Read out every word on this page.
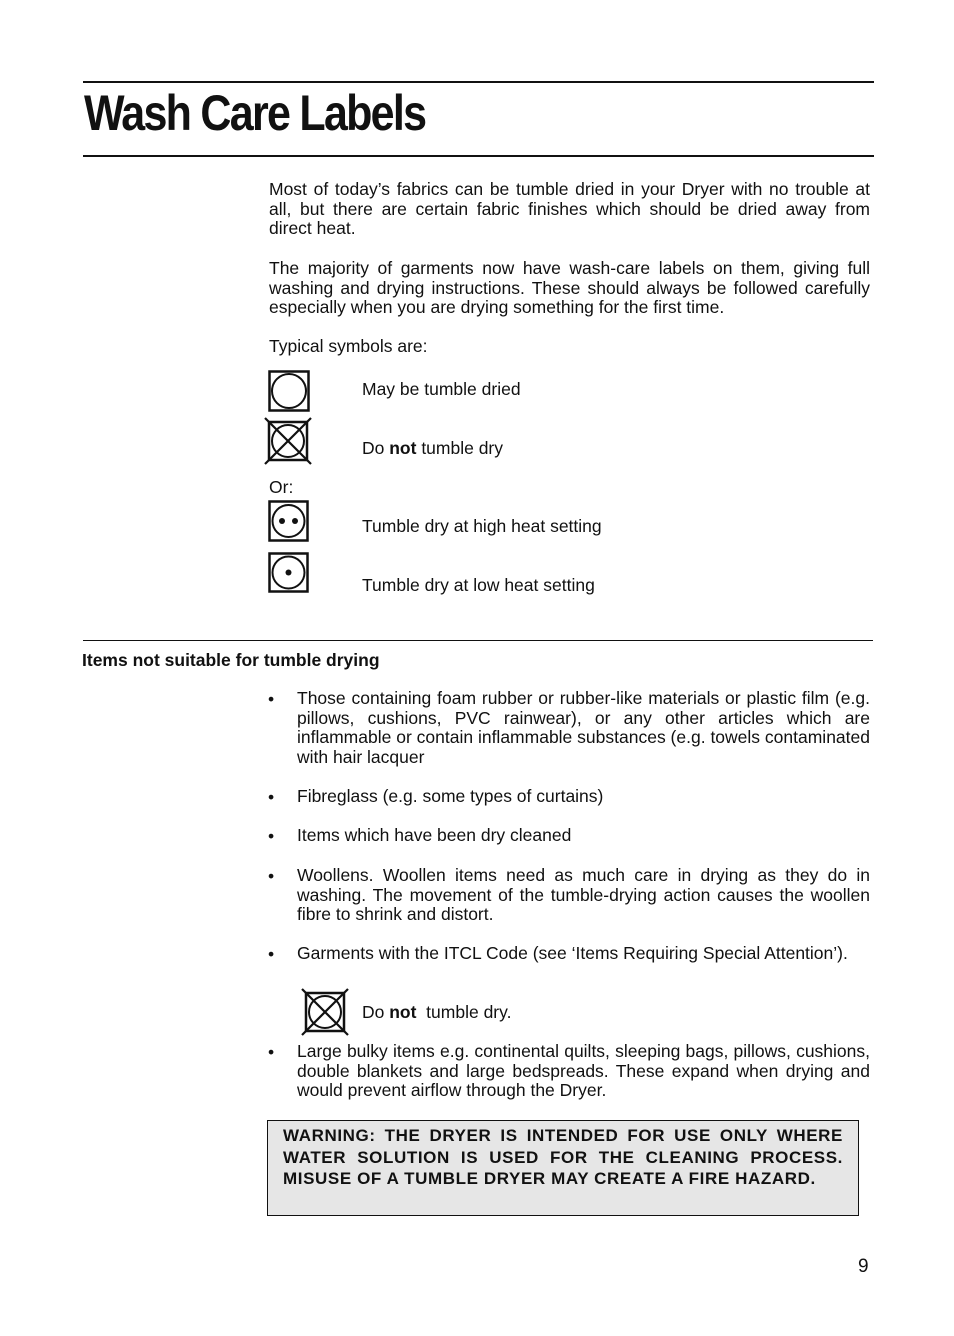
Wash Care Labels

Most of today’s fabrics can be tumble dried in your Dryer with no trouble at all, but there are certain fabric finishes which should be dried away from direct heat.

The majority of garments now have wash-care labels on them, giving full washing and drying instructions. These should always be followed carefully especially when you are drying something for the first time.

Typical symbols are:

May be tumble dried
Do not tumble dry
Or:
Tumble dry at high heat setting
Tumble dry at low heat setting
Items not suitable for tumble drying
• Those containing foam rubber or rubber-like materials or plastic film (e.g. pillows, cushions, PVC rainwear), or any other articles which are inflammable or contain inflammable substances (e.g. towels contaminated with hair lacquer

• Fibreglass (e.g. some types of curtains)

• Items which have been dry cleaned

• Woollens. Woollen items need as much care in drying as they do in washing. The movement of the tumble-drying action causes the woollen fibre to shrink and distort.

• Garments with the ITCL Code (see ‘Items Requiring Special Attention’).

Do not  tumble dry.
• Large bulky items e.g. continental quilts, sleeping bags, pillows, cushions, double blankets and large bedspreads. These expand when drying and would prevent airflow through the Dryer.

WARNING: THE DRYER IS INTENDED FOR USE ONLY WHERE WATER SOLUTION IS USED FOR THE CLEANING PROCESS. MISUSE OF A TUMBLE DRYER MAY CREATE A FIRE HAZARD.
9
